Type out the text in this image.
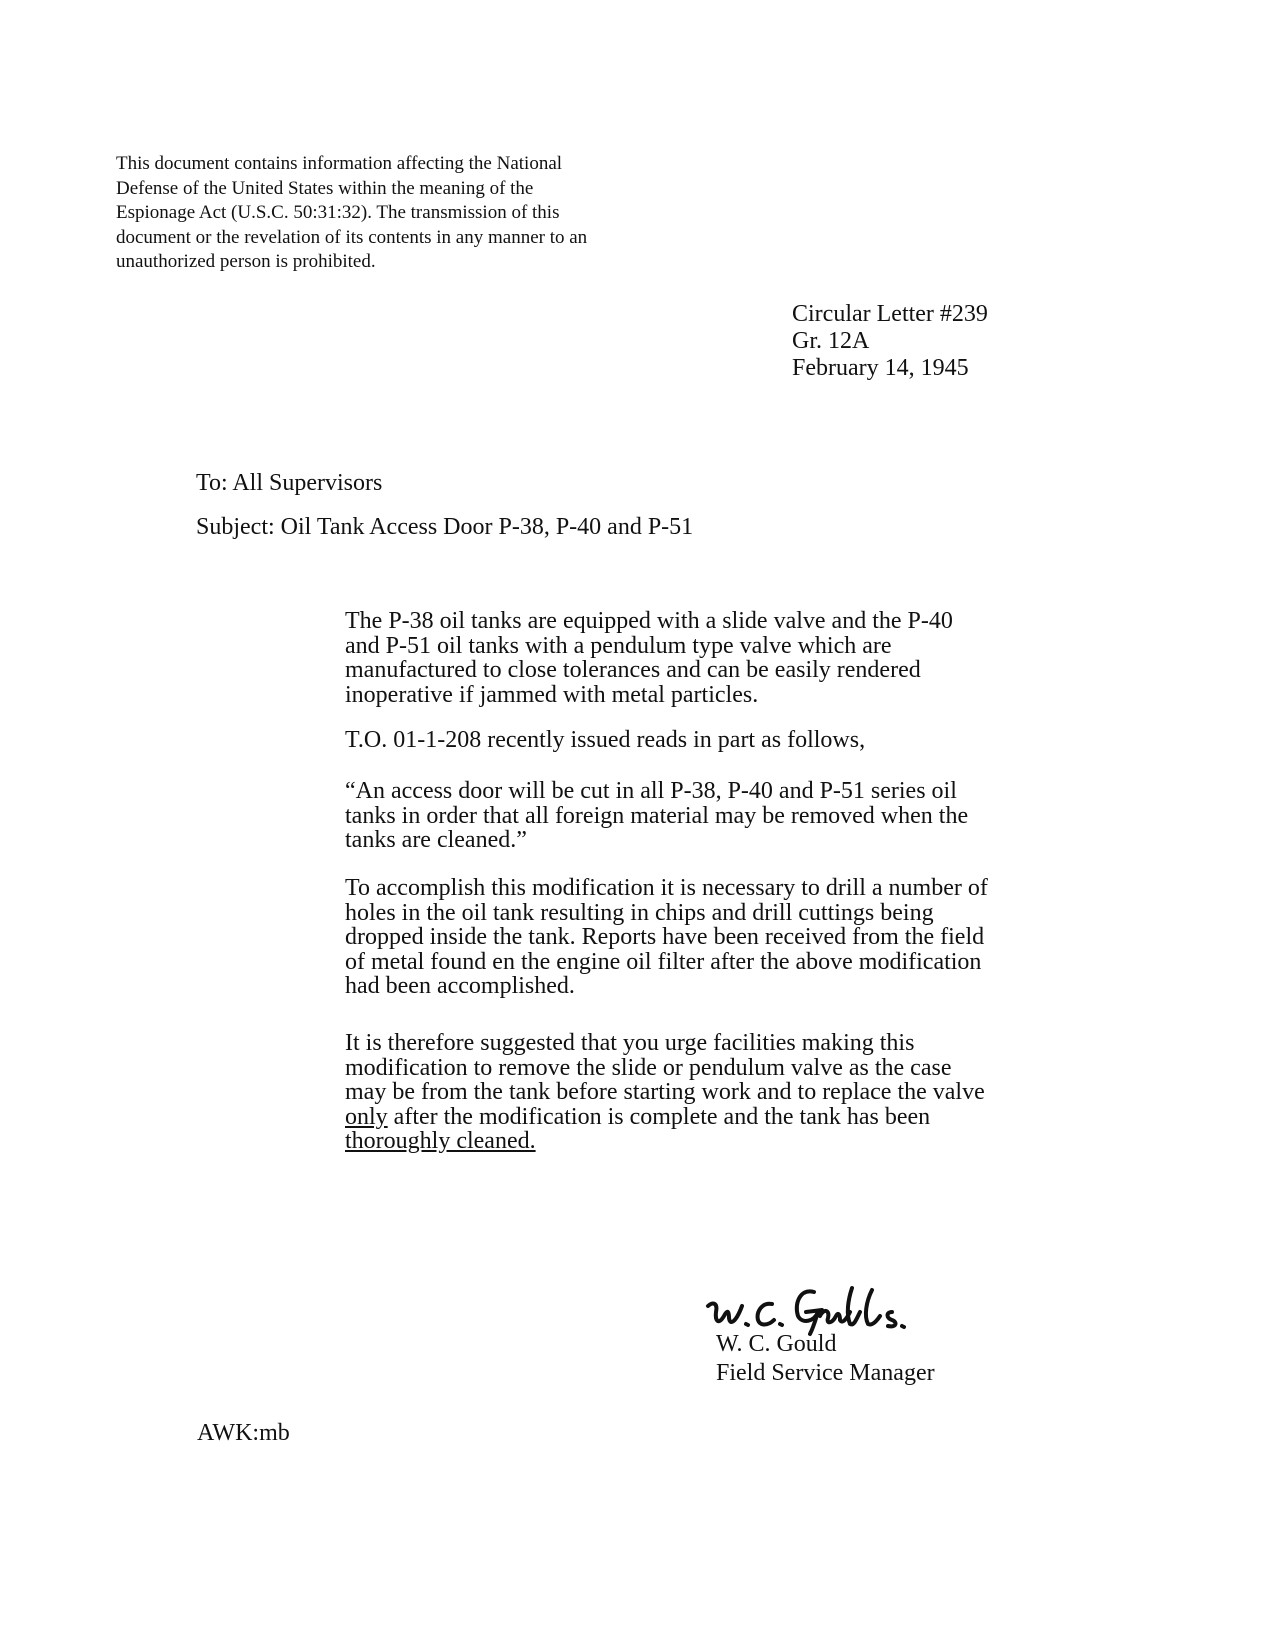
This document contains information affecting the National

Defense of the United States within the meaning of the

Espionage Act (U.S.C. 50:31:32). The transmission of this

document or the revelation of its contents in any manner to an

unauthorized person is prohibited.

Circular Letter #239
Gr. 12A
February 14, 1945
To: All Supervisors
Subject: Oil Tank Access Door P-38, P-40 and P-51

The P-38 oil tanks are equipped with a slide valve and the P-40

and P-51 oil tanks with a pendulum type valve which are

manufactured to close tolerances and can be easily rendered

inoperative if jammed with metal particles.

T.O. 01-1-208 recently issued reads in part as follows,

“An access door will be cut in all P-38, P-40 and P-51 series oil

tanks in order that all foreign material may be removed when the

tanks are cleaned.”

To accomplish this modification it is necessary to drill a number of

holes in the oil tank resulting in chips and drill cuttings being

dropped inside the tank. Reports have been received from the field

of metal found en the engine oil filter after the above modification

had been accomplished.

It is therefore suggested that you urge facilities making this

modification to remove the slide or pendulum valve as the case

may be from the tank before starting work and to replace the valve

only after the modification is complete and the tank has been

thoroughly cleaned.

W. C. Gould
Field Service Manager
AWK:mb
